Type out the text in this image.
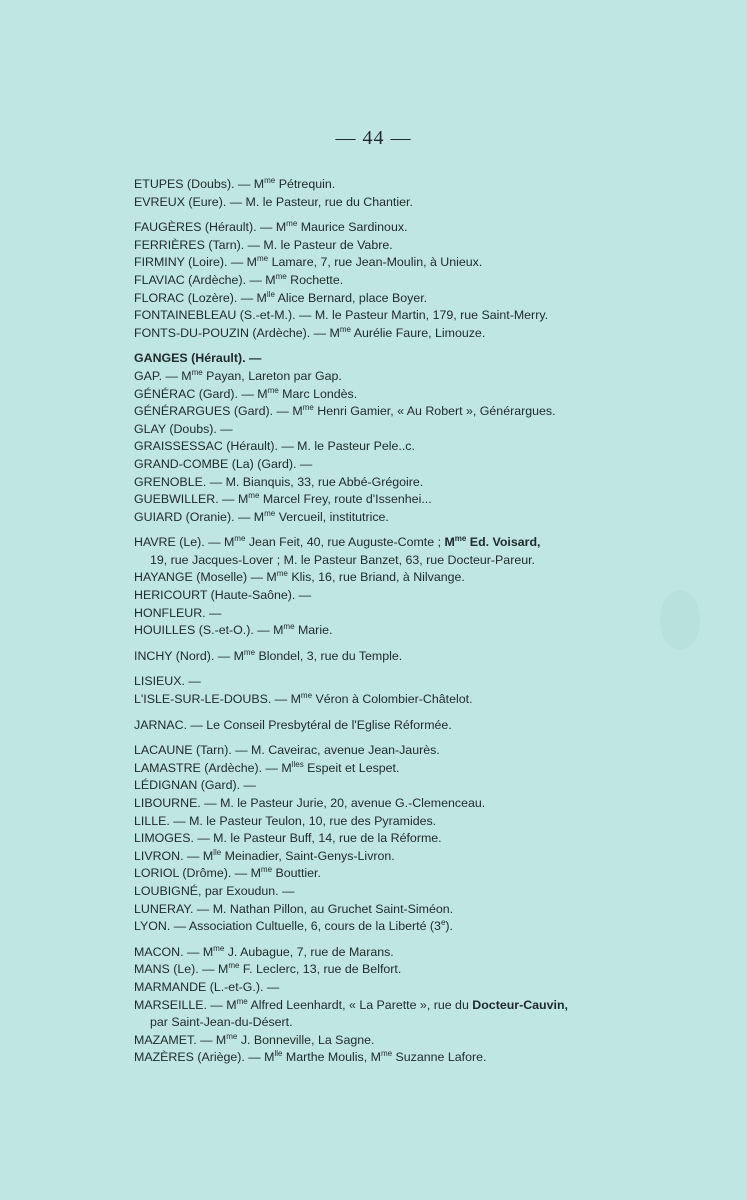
— 44 —
ETUPES (Doubs). — $M^{me}$ Pétrequin.
EVREUX (Eure). — M. le Pasteur, rue du Chantier.
FAUGÈRES (Hérault). — $M^{me}$ Maurice Sardinoux.
FERRIÈRES (Tarn). — M. le Pasteur de Vabre.
FIRMINY (Loire). — $M^{me}$ Lamare, 7, rue Jean-Moulin, à Unieux.
FLAVIAC (Ardèche). — $M^{me}$ Rochette.
FLORAC (Lozère). — $M^{lle}$ Alice Bernard, place Boyer.
FONTAINEBLEAU (S.-et-M.). — M. le Pasteur Martin, 179, rue Saint-Merry.
FONTS-DU-POUZIN (Ardèche). — $M^{me}$ Aurélie Faure, Limouze.
GANGES (Hérault). —
GAP. — $M^{me}$ Payan, Lareton par Gap.
GÉNÉRAC (Gard). — $M^{me}$ Marc Londès.
GÉNÉRARGUES (Gard). — $M^{me}$ Henri Gamier, « Au Robert », Générargues.
GLAY (Doubs). —
GRAISSESSAC (Hérault). — M. le Pasteur Pele..c.
GRAND-COMBE (La) (Gard). —
GRENOBLE. — M. Bianquis, 33, rue Abbé-Grégoire.
GUEBWILLER. — $M^{me}$ Marcel Frey, route d'Issenhei...
GUIARD (Oranie). — $M^{me}$ Vercueil, institutrice.
HAVRE (Le). — $M^{me}$ Jean Feit, 40, rue Auguste-Comte ; $M^{me}$ Ed. Voisard,
19, rue Jacques-Lover ; M. le Pasteur Banzet, 63, rue Docteur-Pareur.
HAYANGE (Moselle) — $M^{me}$ Klis, 16, rue Briand, à Nilvange.
HERICOURT (Haute-Saône). —
HONFLEUR. —
HOUILLES (S.-et-O.). — $M^{me}$ Marie.
INCHY (Nord). — $M^{me}$ Blondel, 3, rue du Temple.
LISIEUX. —
L'ISLE-SUR-LE-DOUBS. — $M^{me}$ Véron à Colombier-Châtelot.
JARNAC. — Le Conseil Presbytéral de l'Eglise Réformée.
LACAUNE (Tarn). — M. Caveirac, avenue Jean-Jaurès.
LAMASTRE (Ardèche). — $M^{lles}$ Espeit et Lespet.
LÉDIGNAN (Gard). —
LIBOURNE. — M. le Pasteur Jurie, 20, avenue G.-Clemenceau.
LILLE. — M. le Pasteur Teulon, 10, rue des Pyramides.
LIMOGES. — M. le Pasteur Buff, 14, rue de la Réforme.
LIVRON. — $M^{lle}$ Meinadier, Saint-Genys-Livron.
LORIOL (Drôme). — $M^{me}$ Bouttier.
LOUBIGNÉ, par Exoudun. —
LUNERAY. — M. Nathan Pillon, au Gruchet Saint-Siméon.
LYON. — Association Cultuelle, 6, cours de la Liberté (3e).
MACON. — $M^{me}$ J. Aubague, 7, rue de Marans.
MANS (Le). — $M^{me}$ F. Leclerc, 13, rue de Belfort.
MARMANDE (L.-et-G.). —
MARSEILLE. — $M^{me}$ Alfred Leenhardt, « La Parette », rue du Docteur-Cauvin,
par Saint-Jean-du-Désert.
MAZAMET. — $M^{me}$ J. Bonneville, La Sagne.
MAZÈRES (Ariège). — $M^{lle}$ Marthe Moulis, $M^{me}$ Suzanne Lafore.
